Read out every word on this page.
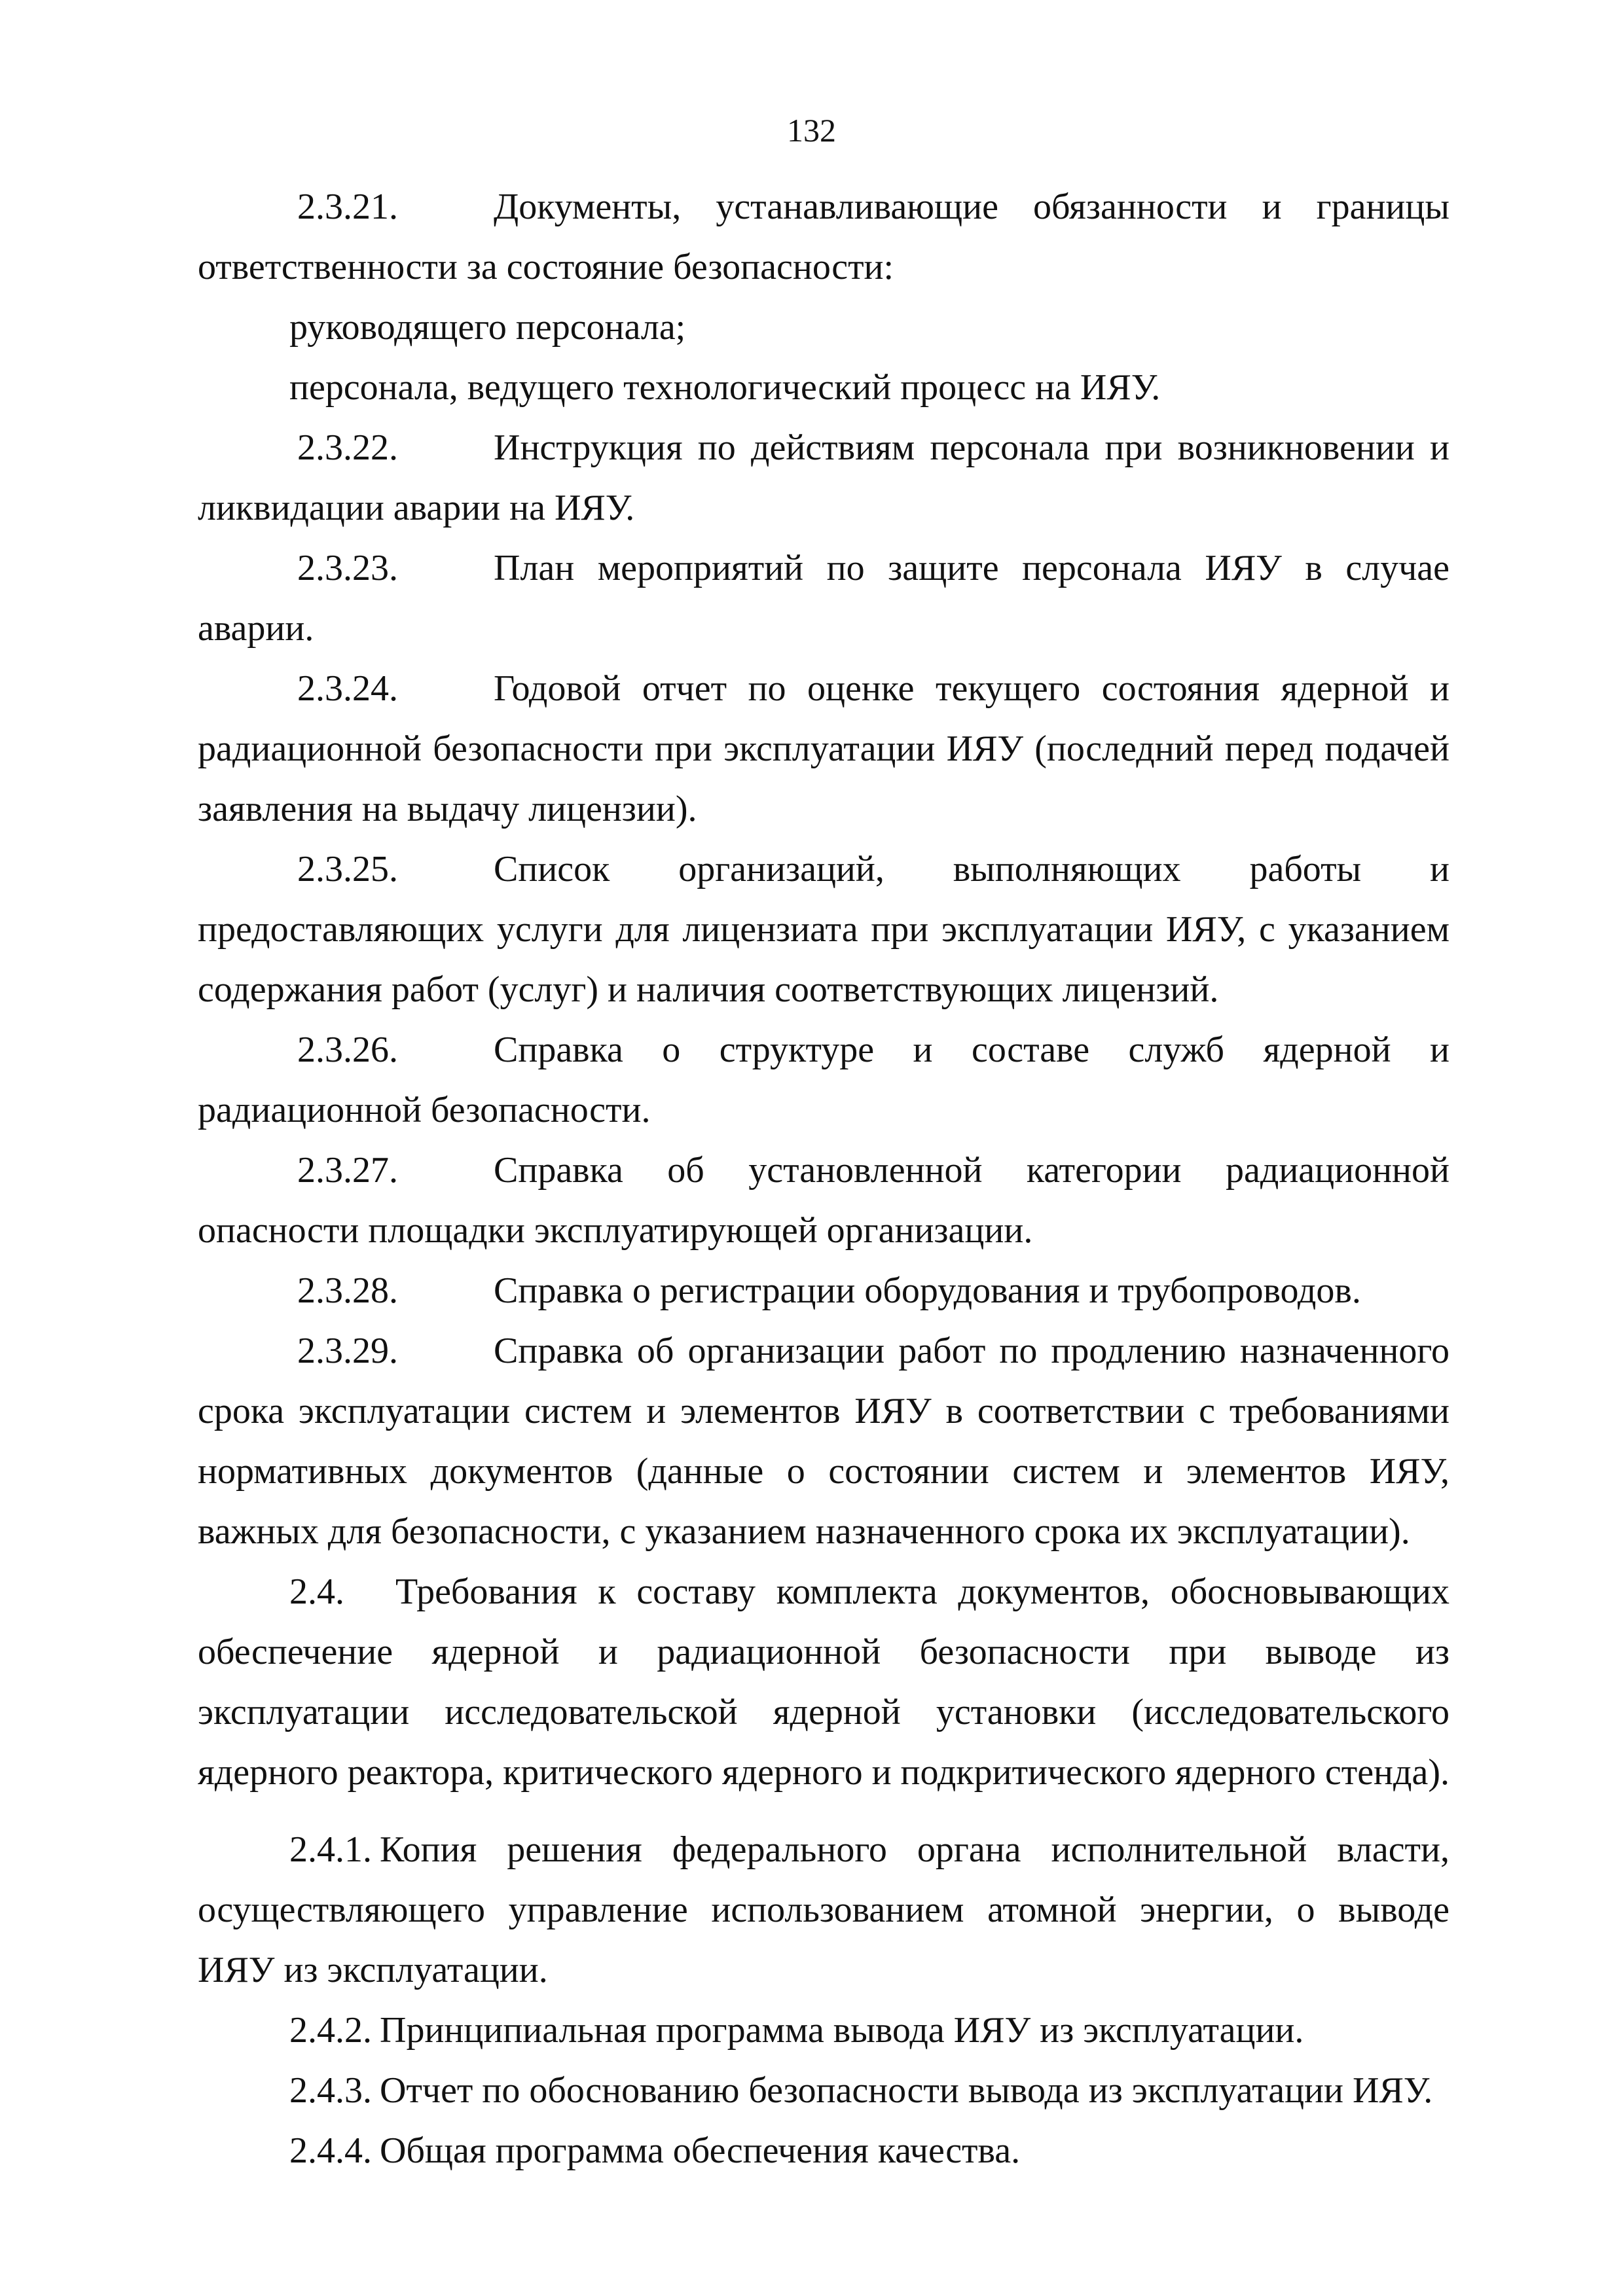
132

2.3.21.	Документы, устанавливающие обязанности и границы ответственности за состояние безопасности:

руководящего персонала;

персонала, ведущего технологический процесс на ИЯУ.

2.3.22.	Инструкция по действиям персонала при возникновении и ликвидации аварии на ИЯУ.

2.3.23.	План мероприятий по защите персонала ИЯУ в случае аварии.

2.3.24.	Годовой отчет по оценке текущего состояния ядерной и радиационной безопасности при эксплуатации ИЯУ (последний перед подачей заявления на выдачу лицензии).

2.3.25.	Список организаций, выполняющих работы и предоставляющих услуги для лицензиата при эксплуатации ИЯУ, с указанием содержания работ (услуг) и наличия соответствующих лицензий.

2.3.26.	Справка о структуре и составе служб ядерной и радиационной безопасности.

2.3.27.	Справка об установленной категории радиационной опасности площадки эксплуатирующей организации.

2.3.28.	Справка о регистрации оборудования и трубопроводов.

2.3.29.	Справка об организации работ по продлению назначенного срока эксплуатации систем и элементов ИЯУ в соответствии с требованиями нормативных документов (данные о состоянии систем и элементов ИЯУ, важных для безопасности, с указанием назначенного срока их эксплуатации).

2.4. Требования к составу комплекта документов, обосновывающих обеспечение ядерной и радиационной безопасности при выводе из эксплуатации исследовательской ядерной установки (исследовательского ядерного реактора, критического ядерного и подкритического ядерного стенда).

2.4.1. Копия решения федерального органа исполнительной власти, осуществляющего управление использованием атомной энергии, о выводе ИЯУ из эксплуатации.

2.4.2. Принципиальная программа вывода ИЯУ из эксплуатации.

2.4.3. Отчет по обоснованию безопасности вывода из эксплуатации ИЯУ.

2.4.4. Общая программа обеспечения качества.
